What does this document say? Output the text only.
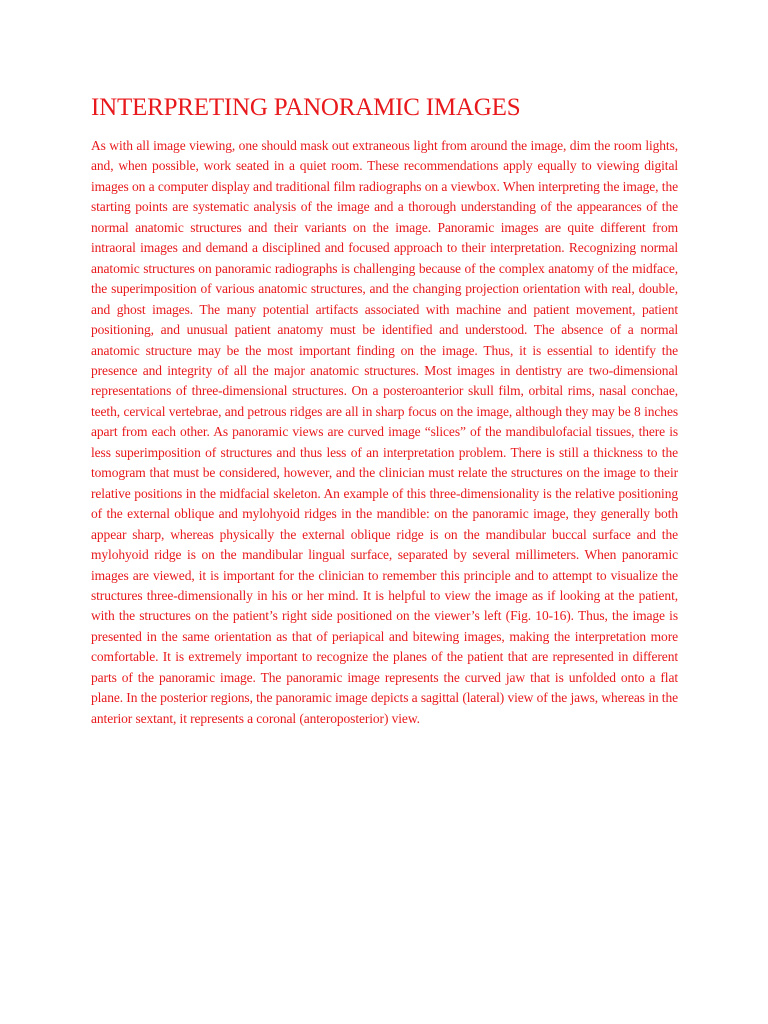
INTERPRETING PANORAMIC IMAGES

As with all image viewing, one should mask out extraneous light from around the image, dim the room lights, and, when possible, work seated in a quiet room. These recommendations apply equally to viewing digital images on a computer display and traditional film radiographs on a viewbox. When interpreting the image, the starting points are systematic analysis of the image and a thorough understanding of the appearances of the normal anatomic structures and their variants on the image. Panoramic images are quite different from intraoral images and demand a disciplined and focused approach to their interpretation. Recognizing normal anatomic structures on panoramic radiographs is challenging because of the complex anatomy of the midface, the superimposition of various anatomic structures, and the changing projection orientation with real, double, and ghost images. The many potential artifacts associated with machine and patient movement, patient positioning, and unusual patient anatomy must be identified and understood. The absence of a normal anatomic structure may be the most important finding on the image. Thus, it is essential to identify the presence and integrity of all the major anatomic structures. Most images in dentistry are two-dimensional representations of three-dimensional structures. On a posteroanterior skull film, orbital rims, nasal conchae, teeth, cervical vertebrae, and petrous ridges are all in sharp focus on the image, although they may be 8 inches apart from each other. As panoramic views are curved image “slices” of the mandibulofacial tissues, there is less superimposition of structures and thus less of an interpretation problem. There is still a thickness to the tomogram that must be considered, however, and the clinician must relate the structures on the image to their relative positions in the midfacial skeleton. An example of this three-dimensionality is the relative positioning of the external oblique and mylohyoid ridges in the mandible: on the panoramic image, they generally both appear sharp, whereas physically the external oblique ridge is on the mandibular buccal surface and the mylohyoid ridge is on the mandibular lingual surface, separated by several millimeters. When panoramic images are viewed, it is important for the clinician to remember this principle and to attempt to visualize the structures three-dimensionally in his or her mind. It is helpful to view the image as if looking at the patient, with the structures on the patient’s right side positioned on the viewer’s left (Fig. 10-16). Thus, the image is presented in the same orientation as that of periapical and bitewing images, making the interpretation more comfortable. It is extremely important to recognize the planes of the patient that are represented in different parts of the panoramic image. The panoramic image represents the curved jaw that is unfolded onto a flat plane. In the posterior regions, the panoramic image depicts a sagittal (lateral) view of the jaws, whereas in the anterior sextant, it represents a coronal (anteroposterior) view.
